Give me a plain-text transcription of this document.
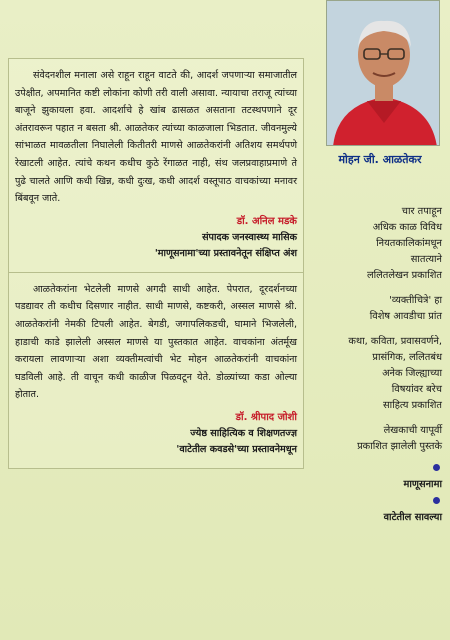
संवेदनशील मनाला असे राहून राहून वाटते की, आदर्श जपणाऱ्या समाजातील उपेक्षीत, अपमानित कष्टी लोकांना कोणी तरी वाली असावा. न्यायाचा तराजू त्यांच्या बाजूने झुकायला हवा. आदर्शाचे हे खांब ढासळत असताना तटस्थपणाने दूर अंतरावरून पहात न बसता श्री. आळतेकर त्यांच्या काळजाला भिडतात. जीवनमुल्ये सांभाळत मावळतीला निघालेली कितीतरी माणसे आळतेकरांनी अतिशय समर्थपणे रेखाटली आहेत. त्यांचे कथन कधीच कुठे रेंगाळत नाही, संथ जलप्रवाहाप्रमाणे ते पुढे चालते आणि कधी खिन्न, कधी दुःख, कधी आदर्श वस्तूपाठ वाचकांच्या मनावर बिंबवून जाते.

डॉ. अनिल मडके
संपादक जनस्वास्थ्य मासिक
'माणूसनामा'च्या प्रस्तावनेतून संक्षिप्त अंश

आळतेकरांना भेटलेली माणसे अगदी साधी आहेत. पेपरात, दूरदर्शनच्या पडद्यावर ती कधीच दिसणार नाहीत. साधी माणसे, कष्टकरी, अस्सल माणसे श्री. आळतेकरांनी नेमकी टिपली आहेत. बेगडी, जगापलिकडची, घामाने भिजलेली, हाडाची काडे झालेली अस्सल माणसे या पुस्तकात आहेत. वाचकांना अंतर्मूख करायला लावणाऱ्या अशा व्यक्तीमत्वांची भेट मोहन आळतेकरांनी वाचकांना घडविली आहे. ती वाचून कधी काळीज पिळवटून येते. डोळ्यांच्या कडा ओल्या होतात.

डॉ. श्रीपाद जोशी
ज्येष्ठ साहित्यिक व शिक्षणतज्ज्ञ
'वाटेतील कवडसे'च्या प्रस्तावनेमधून
मोहन जी. आळतेकर
चार तपाहून
अधिक काळ विविध
नियतकालिकांमधून
सातत्याने
ललितलेखन प्रकाशित
'व्यक्तीचित्रे' हा
विशेष आवडीचा प्रांत
कथा, कविता, प्रवासवर्णने,
प्रासंगिक, ललितबंध
अनेक जिल्ह्याच्या
विषयांवर बरेच
साहित्य प्रकाशित
लेखकाची यापूर्वी
प्रकाशित झालेली पुस्तके
माणूसनामा
वाटेतील सावल्या
